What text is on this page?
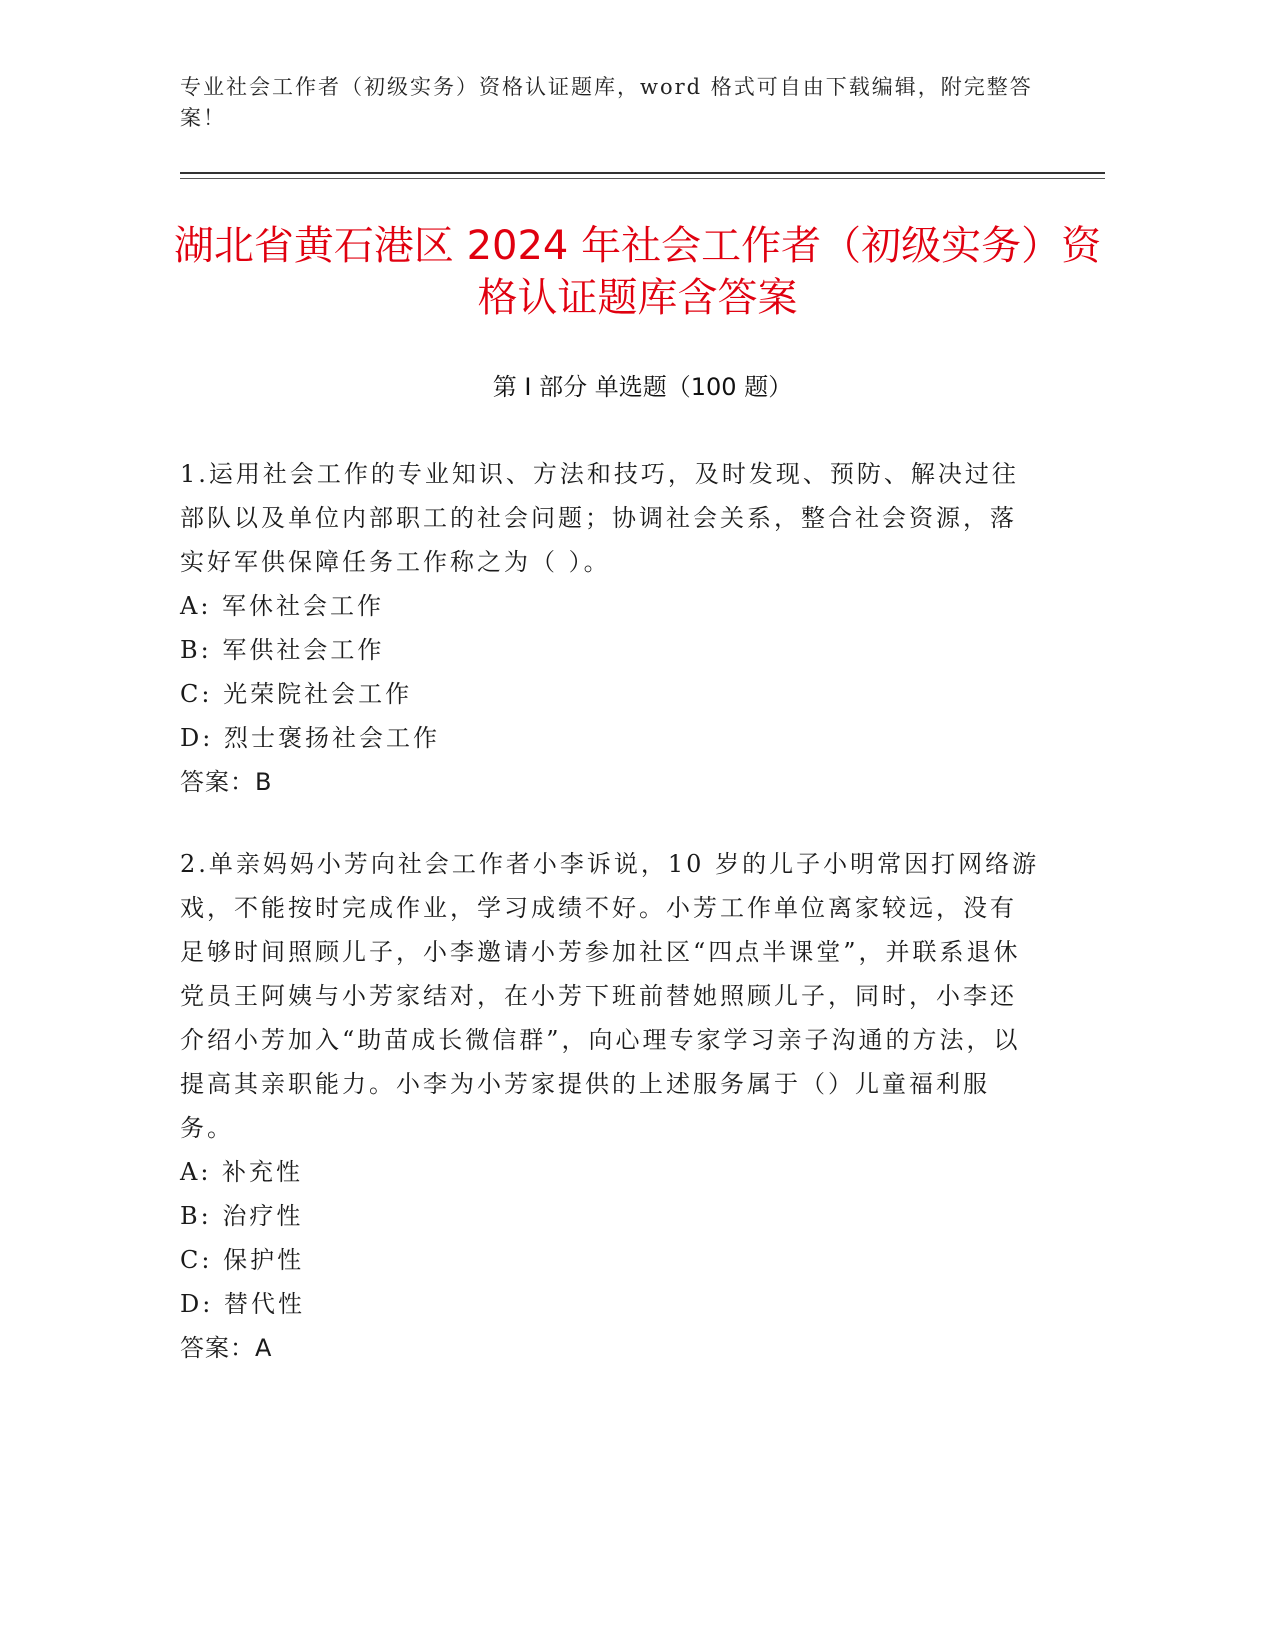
专业社会工作者（初级实务）资格认证题库，word 格式可自由下载编辑，附完整答案！
湖北省黄石港区 2024 年社会工作者（初级实务）资格认证题库含答案
第 I 部分 单选题（100 题）

1.运用社会工作的专业知识、方法和技巧，及时发现、预防、解决过往部队以及单位内部职工的社会问题；协调社会关系，整合社会资源，落实好军供保障任务工作称之为（ ）。

A: 军休社会工作

B: 军供社会工作

C: 光荣院社会工作

D: 烈士褒扬社会工作

答案：B

2.单亲妈妈小芳向社会工作者小李诉说，10 岁的儿子小明常因打网络游戏，不能按时完成作业，学习成绩不好。小芳工作单位离家较远，没有足够时间照顾儿子，小李邀请小芳参加社区“四点半课堂”，并联系退休党员王阿姨与小芳家结对，在小芳下班前替她照顾儿子，同时，小李还介绍小芳加入“助苗成长微信群”，向心理专家学习亲子沟通的方法，以提高其亲职能力。小李为小芳家提供的上述服务属于（）儿童福利服务。

A: 补充性

B: 治疗性

C: 保护性

D: 替代性

答案：A
